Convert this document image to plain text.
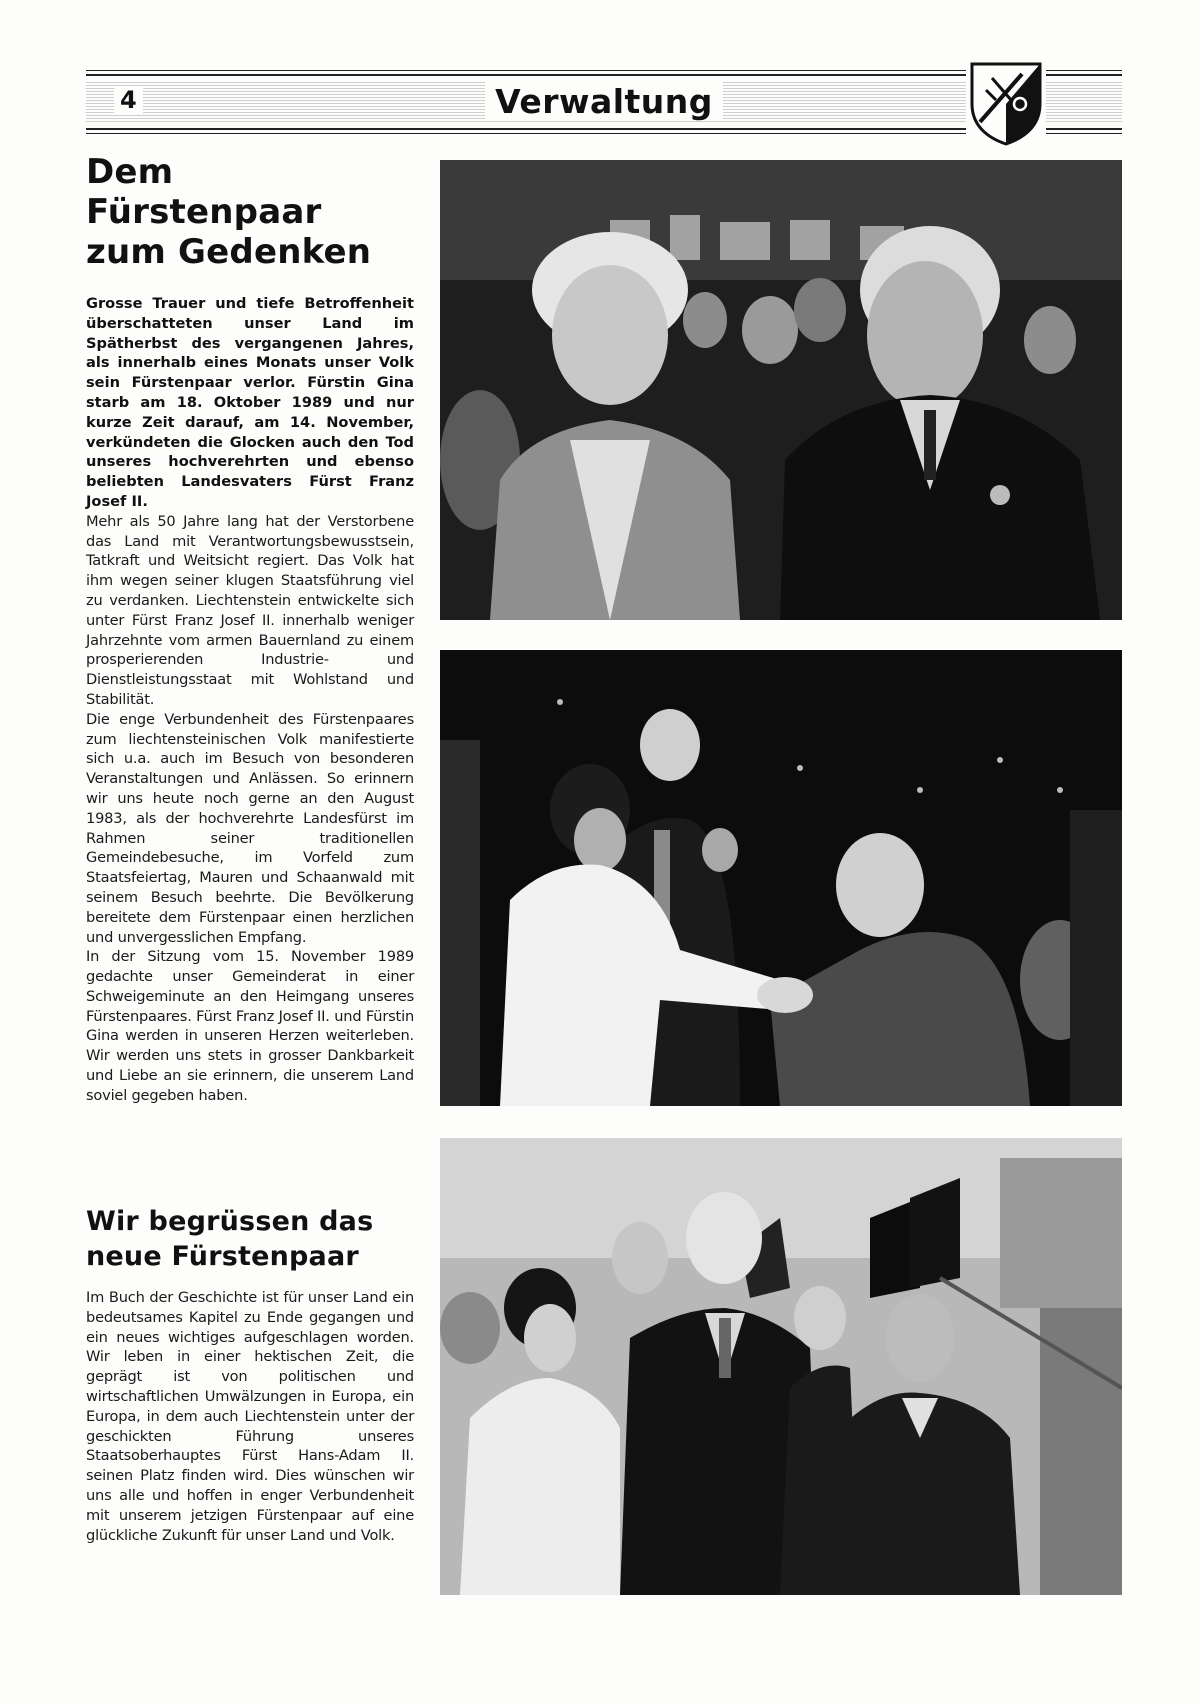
4	Verwaltung
Dem Fürstenpaar
zum Gedenken

Grosse Trauer und tiefe Betroffenheit überschatteten unser Land im Spätherbst des vergangenen Jahres, als innerhalb eines Monats unser Volk sein Fürstenpaar verlor. Fürstin Gina starb am 18. Oktober 1989 und nur kurze Zeit darauf, am 14. November, verkündeten die Glocken auch den Tod unseres hochverehrten und ebenso beliebten Landesvaters Fürst Franz Josef II.

Mehr als 50 Jahre lang hat der Verstorbene das Land mit Verantwortungsbewusstsein, Tatkraft und Weitsicht regiert. Das Volk hat ihm wegen seiner klugen Staatsführung viel zu verdanken. Liechtenstein entwickelte sich unter Fürst Franz Josef II. innerhalb weniger Jahrzehnte vom armen Bauernland zu einem prosperierenden Industrie- und Dienstleistungsstaat mit Wohlstand und Stabilität.

Die enge Verbundenheit des Fürstenpaares zum liechtensteinischen Volk manifestierte sich u.a. auch im Besuch von besonderen Veranstaltungen und Anlässen. So erinnern wir uns heute noch gerne an den August 1983, als der hochverehrte Landesfürst im Rahmen seiner traditionellen Gemeindebesuche, im Vorfeld zum Staatsfeiertag, Mauren und Schaanwald mit seinem Besuch beehrte. Die Bevölkerung bereitete dem Fürstenpaar einen herzlichen und unvergesslichen Empfang.

In der Sitzung vom 15. November 1989 gedachte unser Gemeinderat in einer Schweigeminute an den Heimgang unseres Fürstenpaares. Fürst Franz Josef II. und Fürstin Gina werden in unseren Herzen weiterleben. Wir werden uns stets in grosser Dankbarkeit und Liebe an sie erinnern, die unserem Land soviel gegeben haben.

Wir begrüssen das
neue Fürstenpaar

Im Buch der Geschichte ist für unser Land ein bedeutsames Kapitel zu Ende gegangen und ein neues wichtiges aufgeschlagen worden. Wir leben in einer hektischen Zeit, die geprägt ist von politischen und wirtschaftlichen Umwälzungen in Europa, ein Europa, in dem auch Liechtenstein unter der geschickten Führung unseres Staatsoberhauptes Fürst Hans-Adam II. seinen Platz finden wird. Dies wünschen wir uns alle und hoffen in enger Verbundenheit mit unserem jetzigen Fürstenpaar auf eine glückliche Zukunft für unser Land und Volk.
